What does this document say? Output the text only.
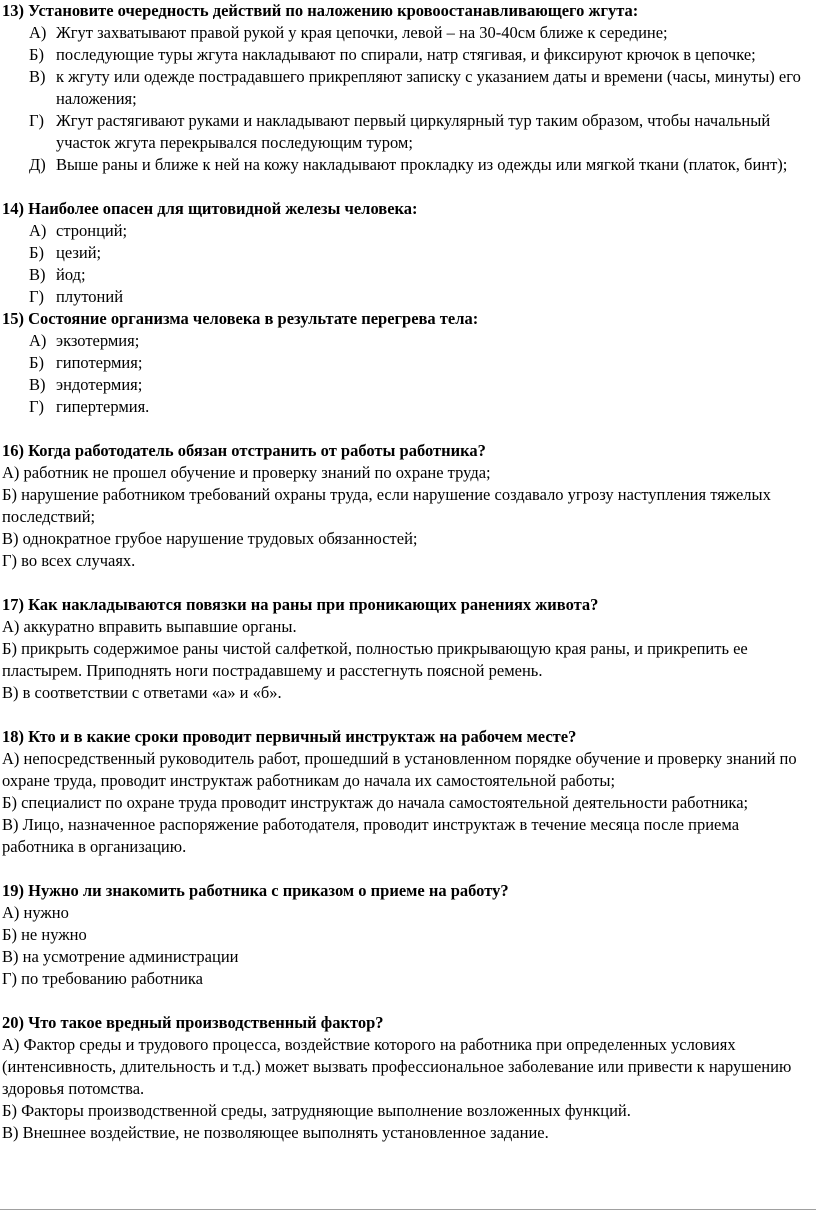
13) Установите очередность действий по наложению кровоостанавливающего жгута:

А) Жгут захватывают правой рукой у края цепочки, левой – на 30-40см ближе к середине;
Б) последующие туры жгута накладывают по спирали, натр стягивая, и фиксируют крючок в цепочке;
В) к жгуту или одежде пострадавшего прикрепляют записку с указанием даты и времени (часы, минуты) его наложения;
Г) Жгут растягивают руками и накладывают первый циркулярный тур таким образом, чтобы начальный участок жгута перекрывался последующим туром;
Д) Выше раны и ближе к ней на кожу накладывают прокладку из одежды или мягкой ткани (платок, бинт);

14) Наиболее опасен для щитовидной железы человека:

А) стронций;
Б) цезий;
В) йод;
Г) плутоний

15) Состояние организма человека в результате перегрева тела:

А) экзотермия;
Б) гипотермия;
В) эндотермия;
Г) гипертермия.

16) Когда работодатель обязан отстранить от работы работника?

А) работник не прошел обучение и проверку знаний по охране труда;
Б) нарушение работником требований охраны труда, если нарушение создавало угрозу наступления тяжелых последствий;
В) однократное грубое нарушение трудовых обязанностей;
Г) во всех случаях.

17) Как накладываются повязки на раны при проникающих ранениях живота?

А) аккуратно вправить выпавшие органы.
Б) прикрыть содержимое раны чистой салфеткой, полностью прикрывающую края раны, и прикрепить ее пластырем. Приподнять ноги пострадавшему и расстегнуть поясной ремень.
В) в соответствии с ответами «а» и «б».

18) Кто и в какие сроки проводит первичный инструктаж на рабочем месте?

А) непосредственный руководитель работ, прошедший в установленном порядке обучение и проверку знаний по охране труда, проводит инструктаж работникам до начала их самостоятельной работы;
Б) специалист по охране труда проводит инструктаж до начала самостоятельной деятельности работника;
В) Лицо, назначенное распоряжение работодателя, проводит инструктаж в течение месяца после приема работника в организацию.

19) Нужно ли знакомить работника с приказом о приеме на работу?

А) нужно
Б) не нужно
В) на усмотрение администрации
Г) по требованию работника

20) Что такое вредный производственный фактор?

А) Фактор среды и трудового процесса, воздействие которого на работника при определенных условиях (интенсивность, длительность и т.д.) может вызвать профессиональное заболевание или привести к нарушению здоровья потомства.
Б) Факторы производственной среды, затрудняющие выполнение возложенных функций.
В) Внешнее воздействие, не позволяющее выполнять установленное задание.
